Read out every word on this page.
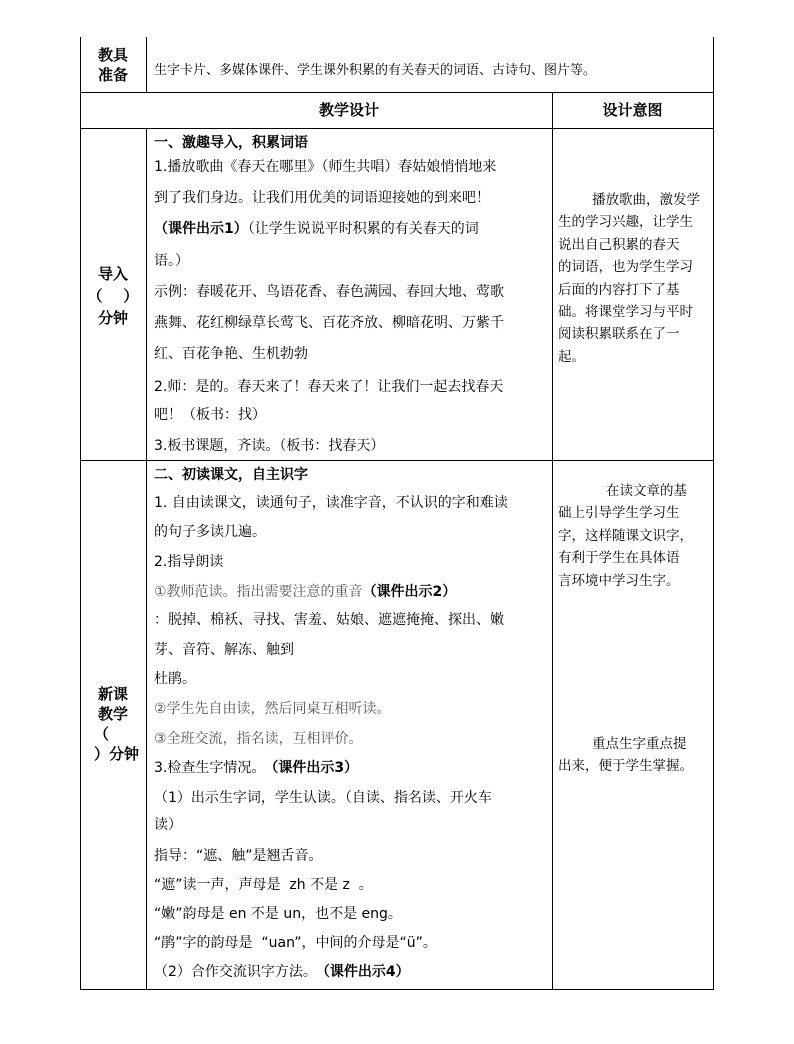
教具
准备	生字卡片、多媒体课件、学生课外积累的有关春天的词语、古诗句、图片等。
教学设计	设计意图
导入
（    ）
分钟
一、激趣导入，积累词语
1.播放歌曲《春天在哪里》（师生共唱）春姑娘悄悄地来
到了我们身边。让我们用优美的词语迎接她的到来吧！
（课件出示1）（让学生说说平时积累的有关春天的词
语。）
示例：春暖花开、鸟语花香、春色满园、春回大地、莺歌
燕舞、花红柳绿草长莺飞、百花齐放、柳暗花明、万紫千
红、百花争艳、生机勃勃
2.师：是的。春天来了！春天来了！让我们一起去找春天
吧！（板书：找）
3.板书课题，齐读。（板书：找春天）
播放歌曲，激发学
生的学习兴趣，让学生
说出自己积累的春天
的词语，也为学生学习
后面的内容打下了基
础。将课堂学习与平时
阅读积累联系在了一
起。
新课
教学
（
）分钟
二、初读课文，自主识字
1. 自由读课文，读通句子，读准字音，不认识的字和难读
的句子多读几遍。
2.指导朗读
①教师范读。指出需要注意的重音（课件出示2）
：脱掉、棉袄、寻找、害羞、姑娘、遮遮掩掩、探出、嫩
芽、音符、解冻、触到
杜鹃。
②学生先自由读，然后同桌互相听读。
③全班交流，指名读，互相评价。
3.检查生字情况。 （课件出示3）
（1）出示生字词，学生认读。（自读、指名读、开火车
读）
指导：“遮、触”是翘舌音。
“遮”读一声，声母是  zh 不是 z  。
“嫩”韵母是 en 不是 un，也不是 eng。
“鹃”字的韵母是  “uan”，中间的介母是“ü”。
（2）合作交流识字方法。 （课件出示4）
在读文章的基
础上引导学生学习生
字，这样随课文识字，
有利于学生在具体语
言环境中学习生字。
重点生字重点提
出来，便于学生掌握。
